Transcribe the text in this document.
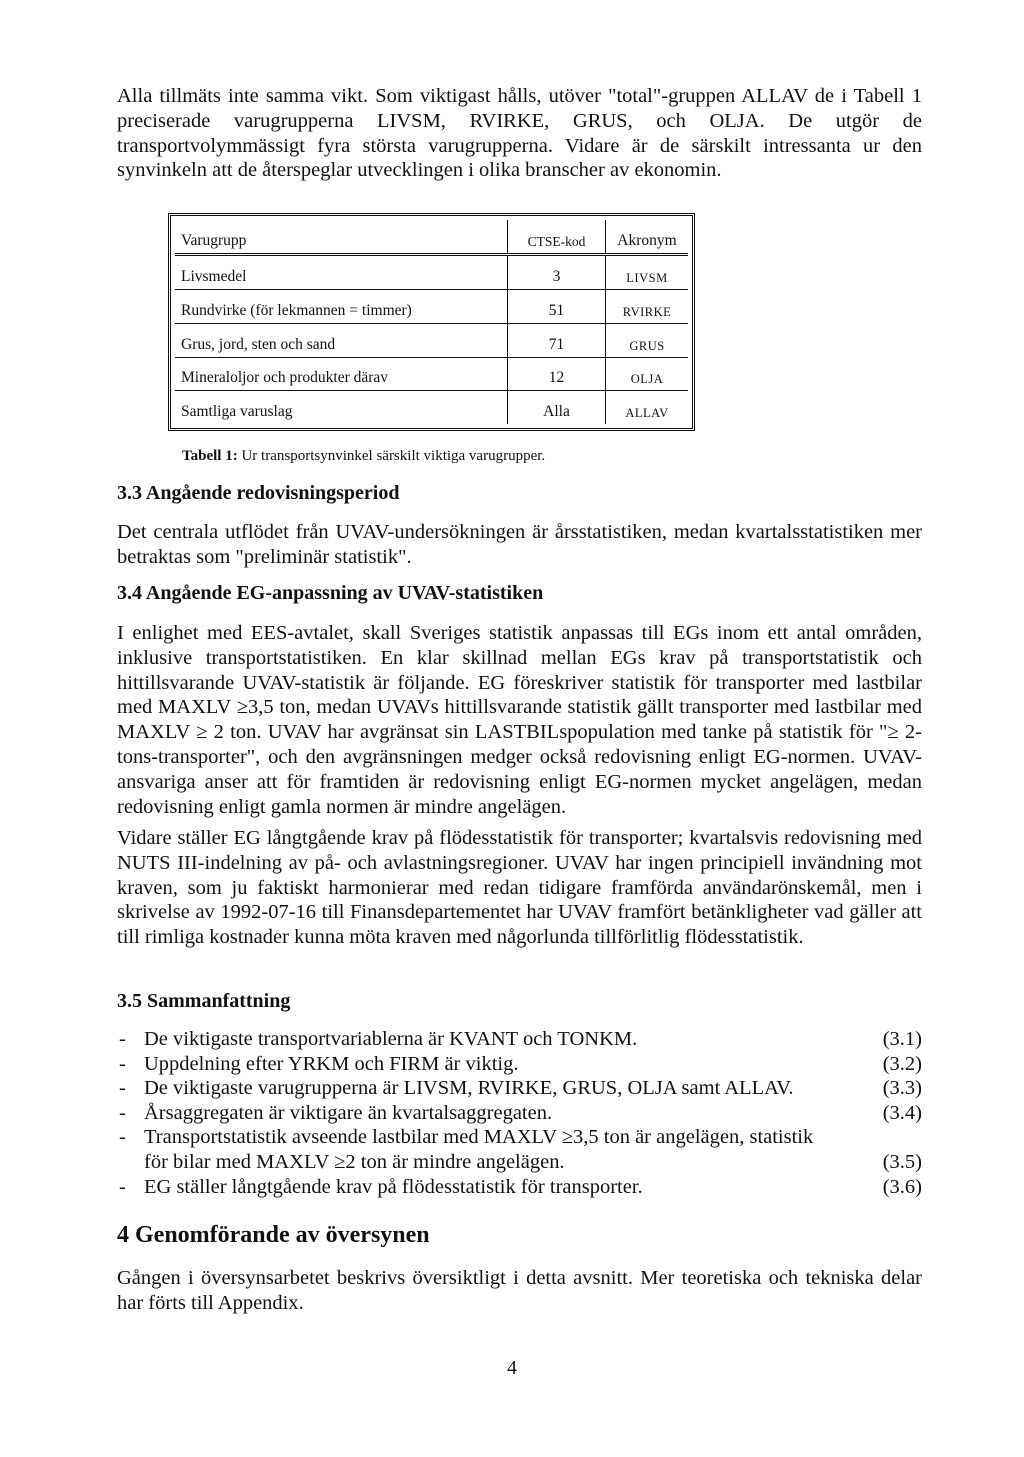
Alla tillmäts inte samma vikt. Som viktigast hålls, utöver "total"-gruppen ALLAV de i Tabell 1 preciserade varugrupperna LIVSM, RVIRKE, GRUS, och OLJA. De utgör de transportvolymmässigt fyra största varugrupperna. Vidare är de särskilt intressanta ur den synvinkeln att de återspeglar utvecklingen i olika branscher av ekonomin.

Varugrupp	CTSE-kod	Akronym
Livsmedel	3	LIVSM
Rundvirke (för lekmannen = timmer)	51	RVIRKE
Grus, jord, sten och sand	71	GRUS
Mineraloljor och produkter därav	12	OLJA
Samtliga varuslag	Alla	ALLAV
Tabell 1: Ur transportsynvinkel särskilt viktiga varugrupper.
3.3 Angående redovisningsperiod

Det centrala utflödet från UVAV-undersökningen är årsstatistiken, medan kvartalsstatistiken mer betraktas som "preliminär statistik".

3.4 Angående EG-anpassning av UVAV-statistiken

I enlighet med EES-avtalet, skall Sveriges statistik anpassas till EGs inom ett antal områden, inklusive transportstatistiken. En klar skillnad mellan EGs krav på transportstatistik och hittillsvarande UVAV-statistik är följande. EG föreskriver statistik för transporter med lastbilar med MAXLV ≥3,5 ton, medan UVAVs hittillsvarande statistik gällt transporter med lastbilar med MAXLV ≥ 2 ton. UVAV har avgränsat sin LASTBILspopulation med tanke på statistik för "≥ 2-tons-transporter", och den avgränsningen medger också redovisning enligt EG-normen. UVAV-ansvariga anser att för framtiden är redovisning enligt EG-normen mycket angelägen, medan redovisning enligt gamla normen är mindre angelägen.

Vidare ställer EG långtgående krav på flödesstatistik för transporter; kvartalsvis redovisning med NUTS III-indelning av på- och avlastningsregioner. UVAV har ingen principiell invändning mot kraven, som ju faktiskt harmonierar med redan tidigare framförda användarönskemål, men i skrivelse av 1992-07-16 till Finansdepartementet har UVAV framfört betänkligheter vad gäller att till rimliga kostnader kunna möta kraven med någorlunda tillförlitlig flödesstatistik.

3.5 Sammanfattning
- De viktigaste transportvariablerna är KVANT och TONKM.	(3.1)
- Uppdelning efter YRKM och FIRM är viktig.	(3.2)
- De viktigaste varugrupperna är LIVSM, RVIRKE, GRUS, OLJA samt ALLAV.	(3.3)
- Årsaggregaten är viktigare än kvartalsaggregaten.	(3.4)
- Transportstatistik avseende lastbilar med MAXLV ≥3,5 ton är angelägen, statistik för bilar med MAXLV ≥2 ton är mindre angelägen.	(3.5)
- EG ställer långtgående krav på flödesstatistik för transporter.	(3.6)
4 Genomförande av översynen

Gången i översynsarbetet beskrivs översiktligt i detta avsnitt. Mer teoretiska och tekniska delar har förts till Appendix.

4
